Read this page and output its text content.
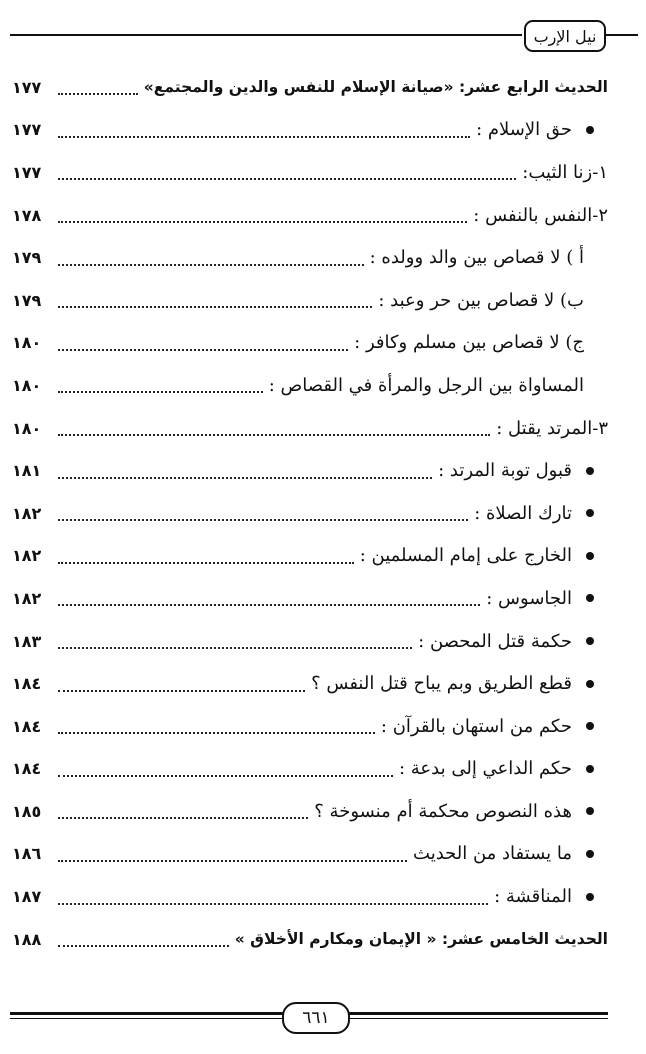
نيل الإرب
الحديث الرابع عشر: «صيانة الإسلام للنفس والدين والمجتمع»
١٧٧
حق الإسلام :
١٧٧
١-زنا الثيب:
١٧٧
٢-النفس بالنفس :
١٧٨
أ ) لا قصاص بين والد وولده :
١٧٩
ب) لا قصاص بين حر وعبد :
١٧٩
ج) لا قصاص بين مسلم وكافر :
١٨٠
المساواة بين الرجل والمرأة في القصاص :
١٨٠
٣-المرتد يقتل :
١٨٠
قبول توبة المرتد :
١٨١
تارك الصلاة :
١٨٢
الخارج على إمام المسلمين :
١٨٢
الجاسوس :
١٨٢
حكمة قتل المحصن :
١٨٣
قطع الطريق وبم يباح قتل النفس ؟
١٨٤
حكم من استهان بالقرآن :
١٨٤
حكم الداعي إلى بدعة :
١٨٤
هذه النصوص محكمة أم منسوخة ؟
١٨٥
ما يستفاد من الحديث
١٨٦
المناقشة :
١٨٧
الحديث الخامس عشر: « الإيمان ومكارم الأخلاق »
١٨٨
٦٦١
